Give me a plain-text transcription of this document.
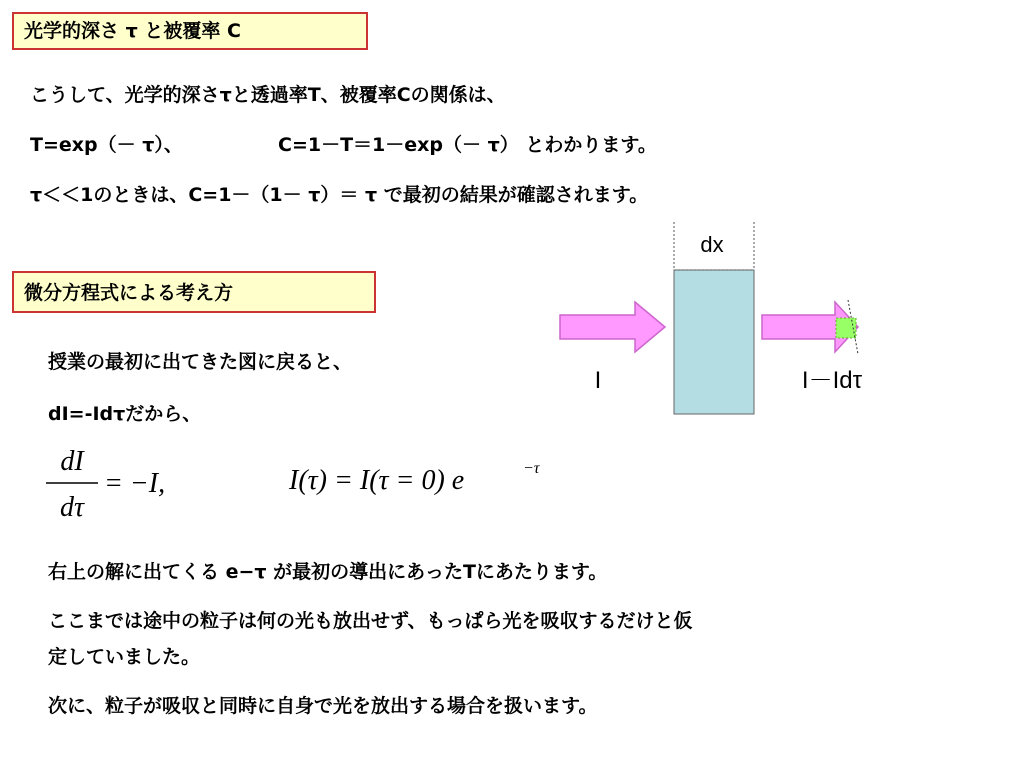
光学的深さ τ と被覆率 C
こうして、光学的深さτと透過率T、被覆率Cの関係は、
T=exp（－ τ）、	C=1－T＝1－exp（－ τ） とわかります。
τ＜＜1のときは、C=1－（1－ τ）＝ τ で最初の結果が確認されます。
dx
I	I－Idτ
微分方程式による考え方
授業の最初に出てきた図に戻ると、
dI=-Idτだから、
dI
dτ
= −I,	I(τ) = I(τ = 0) e	−τ
右上の解に出てくる e−τ が最初の導出にあったTにあたります。
ここまでは途中の粒子は何の光も放出せず、もっぱら光を吸収するだけと仮
定していました。
次に、粒子が吸収と同時に自身で光を放出する場合を扱います。
